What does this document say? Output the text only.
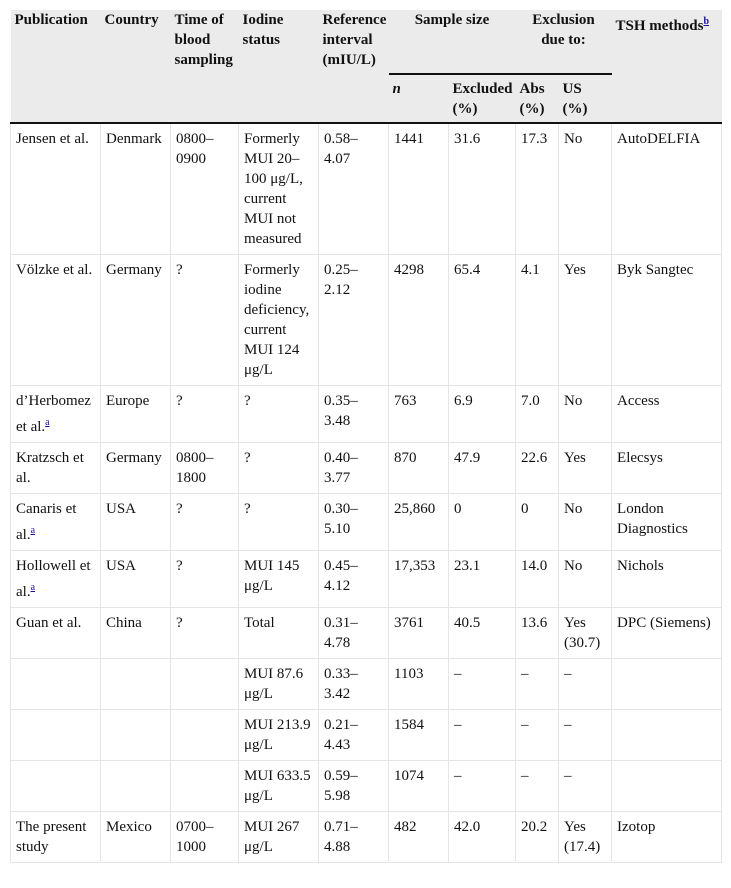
Publication	Country	Time of blood sampling	Iodine status	Reference interval (mIU/L)	Sample size		Exclusion due to:		TSH methods$^b$

					n	Excluded (%)	Abs (%)	US (%)	

Jensen et al.	Denmark	0800–0900	Formerly MUI 20–100 μg/L, current MUI not measured	0.58–4.07	1441	31.6	17.3	No	AutoDELFIA
Völzke et al.	Germany	?	Formerly iodine deficiency, current MUI 124 μg/L	0.25–2.12	4298	65.4	4.1	Yes	Byk Sangtec
d’Herbomez et al.$^a$	Europe	?	?	0.35–3.48	763	6.9	7.0	No	Access
Kratzsch et al.	Germany	0800–1800	?	0.40–3.77	870	47.9	22.6	Yes	Elecsys
Canaris et al.$^a$	USA	?	?	0.30–5.10	25,860	0	0	No	London Diagnostics
Hollowell et al.$^a$	USA	?	MUI 145 μg/L	0.45–4.12	17,353	23.1	14.0	No	Nichols
Guan et al.	China	?	Total	0.31–4.78	3761	40.5	13.6	Yes (30.7)	DPC (Siemens)
			MUI 87.6 μg/L	0.33–3.42	1103	–	–	–	
			MUI 213.9 μg/L	0.21–4.43	1584	–	–	–	
			MUI 633.5 μg/L	0.59–5.98	1074	–	–	–	
The present study	Mexico	0700–1000	MUI 267 μg/L	0.71–4.88	482	42.0	20.2	Yes (17.4)	Izotop
